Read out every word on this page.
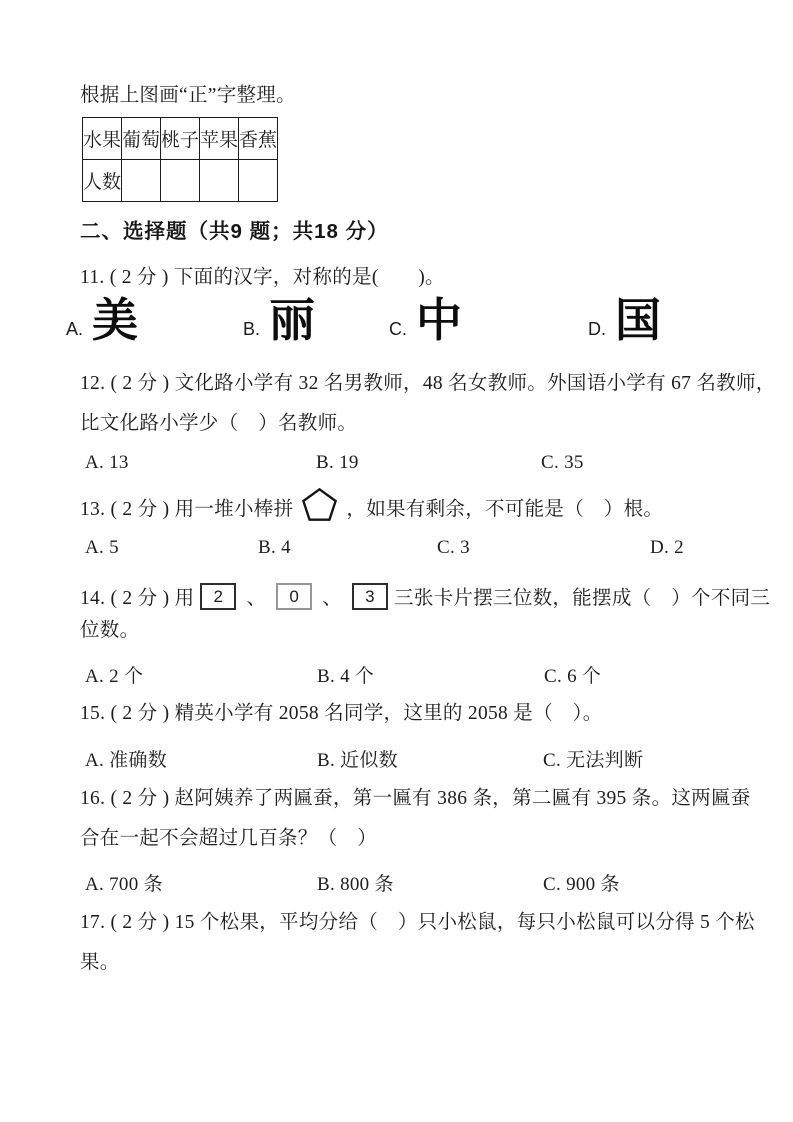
根据上图画“正”字整理。
水果	葡萄	桃子	苹果	香蕉
人数				
二、选择题（共9 题；共18 分）
11. ( 2 分 ) 下面的汉字，对称的是(　　)。
A. 美	B. 丽	C. 中	D. 国
12. ( 2 分 ) 文化路小学有 32 名男教师，48 名女教师。外国语小学有 67 名教师，
比文化路小学少（　）名教师。
A. 13	B. 19	C. 35
13. ( 2 分 ) 用一堆小棒拼	，如果有剩余，不可能是（　）根。
A. 5	B. 4	C. 3	D. 2
14. ( 2 分 ) 用	2	、	0	、	3 三张卡片摆三位数，能摆成（　）个不同三
位数。
A. 2 个	B. 4 个	C. 6 个
15. ( 2 分 ) 精英小学有 2058 名同学，这里的 2058 是（　）。
A. 准确数	B. 近似数	C. 无法判断
16. ( 2 分 ) 赵阿姨养了两匾蚕，第一匾有 386 条，第二匾有 395 条。这两匾蚕
合在一起不会超过几百条？（　）
A. 700 条	B. 800 条	C. 900 条
17. ( 2 分 ) 15 个松果，平均分给（　）只小松鼠，每只小松鼠可以分得 5 个松
果。
